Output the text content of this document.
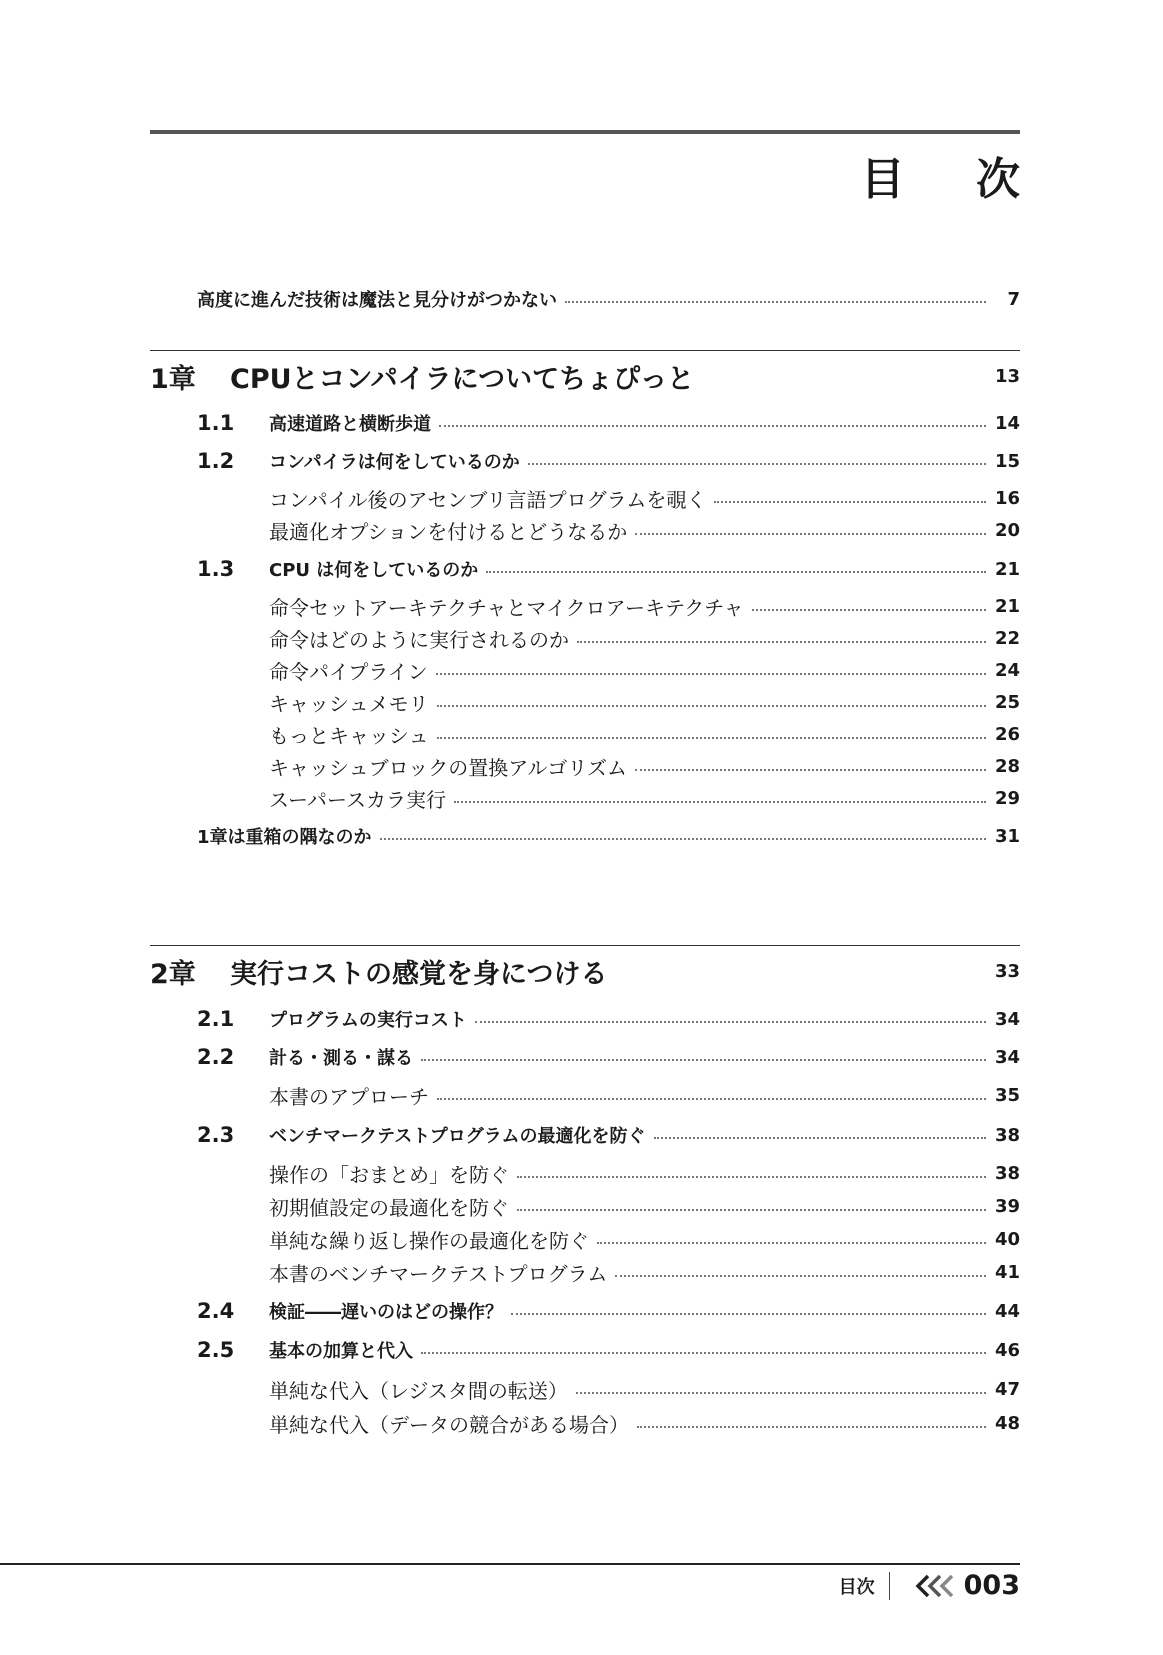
目 次
高度に進んだ技術は魔法と見分けがつかない	7
1章	CPUとコンパイラについてちょぴっと	13
1.1	高速道路と横断歩道	14
1.2	コンパイラは何をしているのか	15
コンパイル後のアセンブリ言語プログラムを覗く	16
最適化オプションを付けるとどうなるか	20
1.3	CPU は何をしているのか	21
命令セットアーキテクチャとマイクロアーキテクチャ	21
命令はどのように実行されるのか	22
命令パイプライン	24
キャッシュメモリ	25
もっとキャッシュ	26
キャッシュブロックの置換アルゴリズム	28
スーパースカラ実行	29
1章は重箱の隅なのか	31
2章	実行コストの感覚を身につける	33
2.1	プログラムの実行コスト	34
2.2	計る・測る・謀る	34
本書のアプローチ	35
2.3	ベンチマークテストプログラムの最適化を防ぐ	38
操作の「おまとめ」を防ぐ	38
初期値設定の最適化を防ぐ	39
単純な繰り返し操作の最適化を防ぐ	40
本書のベンチマークテストプログラム	41
2.4	検証――遅いのはどの操作？	44
2.5	基本の加算と代入	46
単純な代入（レジスタ間の転送）	47
単純な代入（データの競合がある場合）	48
目次	003
